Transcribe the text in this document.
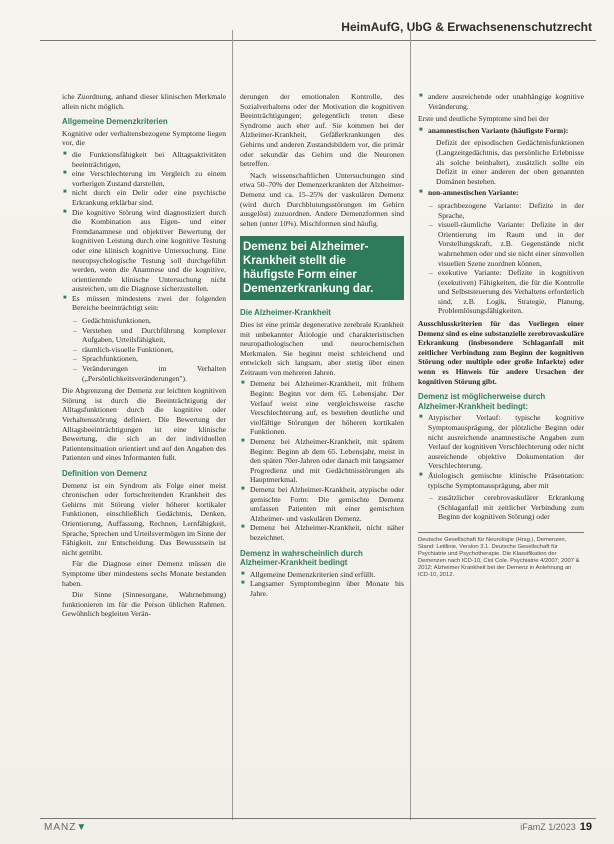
HeimAufG, UbG & Erwachsenenschutzrecht

iche Zuordnung, anhand dieser klinischen Merkmale allein nicht möglich.

Allgemeine Demenzkriterien

Kognitive oder verhaltensbezogene Symptome liegen vor, die

■ die Funktionsfähigkeit bei Alltagsaktivitäten beeinträchtigen,
■ eine Verschlechterung im Vergleich zu einem vorherigen Zustand darstellen,
■ nicht durch ein Delir oder eine psychische Erkrankung erklärbar sind.
■ Die kognitive Störung wird diagnostiziert durch die Kombination aus Eigen- und einer Fremdanamnese und objektiver Bewertung der kognitiven Leistung durch eine kognitive Testung oder eine klinisch kognitive Untersuchung. Eine neuropsychologische Testung soll durchgeführt werden, wenn die Anamnese und die kognitive, orientierende klinische Untersuchung nicht ausreichen, um die Diagnose sicherzustellen.
■ Es müssen mindestens zwei der folgenden Bereiche beeinträchtigt sein:
– Gedächtnisfunktionen,
– Verstehen und Durchführung komplexer Aufgaben, Urteilsfähigkeit,
– räumlich-visuelle Funktionen,
– Sprachfunktionen,
– Veränderungen im Verhalten („Persönlichkeitsveränderungen").

Die Abgrenzung der Demenz zur leichten kognitiven Störung ist durch die Beeinträchtigung der Alltagsfunktionen durch die kognitive oder Verhaltensstörung definiert. Die Bewertung der Alltagsbeeinträchtigungen ist eine klinische Bewertung, die sich an der individuellen Patientensituation orientiert und auf den Angaben des Patienten und eines Informanten fußt.

Definition von Demenz

Demenz ist ein Syndrom als Folge einer meist chronischen oder fortschreitenden Krankheit des Gehirns mit Störung vieler höherer kortikaler Funktionen, einschließlich Gedächtnis, Denken, Orientierung, Auffassung, Rechnen, Lernfähigkeit, Sprache, Sprechen und Urteilsvermögen im Sinne der Fähigkeit, zur Entscheidung. Das Bewusstsein ist nicht getrübt.

Für die Diagnose einer Demenz müssen die Symptome über mindestens sechs Monate bestanden haben.

Die Sinne (Sinnesorgane, Wahrnehmung) funktionieren im für die Person üblichen Rahmen. Gewöhnlich begleiten Verän-

derungen der emotionalen Kontrolle, des Sozialverhaltens oder der Motivation die kognitiven Beeinträchtigungen; gelegentlich treten diese Syndrome auch eher auf. Sie kommen bei der Alzheimer-Krankheit, Gefäßerkrankungen des Gehirns und anderen Zustandsbildern vor, die primär oder sekundär das Gehirn und die Neuronen betreffen.

Nach wissenschaftlichen Untersuchungen sind etwa 50–70% der Demenzerkrankten der Alzheimer-Demenz und ca. 15–25% der vaskulären Demenz (wird durch Durchblutungsstörungen im Gehirn ausgelöst) zuzuordnen. Andere Demenzformen sind selten (unter 10%). Mischformen sind häufig.

Demenz bei Alzheimer-Krankheit stellt die häufigste Form einer Demenzerkrankung dar.
Die Alzheimer-Krankheit

Dies ist eine primär degenerative zerebrale Krankheit mit unbekannter Ätiologie und charakteristischen neuropathologischen und neurochemischen Merkmalen. Sie beginnt meist schleichend und entwickelt sich langsam, aber stetig über einen Zeitraum von mehreren Jahren.

■ Demenz bei Alzheimer-Krankheit, mit frühem Beginn: Beginn vor dem 65. Lebensjahr. Der Verlauf weist eine vergleichsweise rasche Verschlechterung auf, es bestehen deutliche und vielfältige Störungen der höheren kortikalen Funktionen.
■ Demenz bei Alzheimer-Krankheit, mit spätem Beginn: Beginn ab dem 65. Lebensjahr, meist in den späten 70er-Jahren oder danach mit langsamer Progredienz und mit Gedächtnisstörungen als Hauptmerkmal.
■ Demenz bei Alzheimer-Krankheit, atypische oder gemischte Form: Die gemischte Demenz umfassen Patienten mit einer gemischten Alzheimer- und vaskulären Demenz.
■ Demenz bei Alzheimer-Krankheit, nicht näher bezeichnet.
Demenz in wahrscheinlich durch Alzheimer-Krankheit bedingt
■ Allgemeine Demenzkriterien sind erfüllt.
■ Langsamer Symptombeginn über Monate bis Jahre.
■ andere ausreichende oder unabhängige kognitive Veränderung.

Erste und deutliche Symptome sind bei der

■ anamnestischen Variante (häufigste Form):

Defizit der episodischen Gedächtnisfunktionen (Langzeitgedächtnis, das persönliche Erlebnisse als solche beinhaltet), zusätzlich sollte ein Defizit in einer anderen der oben genannten Domänen bestehen.

■ non-amnestischen Variante:
– sprachbezogene Variante: Defizite in der Sprache,
– visuell-räumliche Variante: Defizite in der Orientierung im Raum und in der Vorstellungskraft, z.B. Gegenstände nicht wahrnehmen oder und sie nicht einer sinnvollen visuellen Szene zuordnen können,
– exekutive Variante: Defizite in kognitiven (exekutiven) Fähigkeiten, die für die Kontrolle und Selbststeuerung des Verhaltens erforderlich sind, z.B. Logik, Strategie, Planung, Problemlösungsfähigkeiten.

Ausschlusskriterien für das Vorliegen einer Demenz sind es eine substanzielle zerebrovaskuläre Erkrankung (insbesondere Schlaganfall mit zeitlicher Verbindung zum Beginn der kognitiven Störung oder multiple oder große Infarkte) oder wenn es Hinweis für andere Ursachen der kognitiven Störung gibt.

Demenz ist möglicherweise durch Alzheimer-Krankheit bedingt:
■ Atypischer Verlauf: typische kognitive Symptomausprägung, der plötzliche Beginn oder nicht ausreichende anamnestische Angaben zum Verlauf der kognitiven Verschlechterung oder nicht ausreichende objektive Dokumentation der Verschlechterung.
■ Ätiologisch gemischte klinische Präsentation: typische Symptomausprägung, aber mit
– zusätzlicher cerebrovaskulärer Erkrankung (Schlaganfall mit zeitlicher Verbindung zum Beginn der kognitiven Störung) oder
Deutsche Gesellschaft für Neurologie (Hrsg.), Demenzen, Stand: Leitlinie, Version 3.1. Deutsche Gesellschaft für Psychiatrie und Psychotherapie. Die Klassifikation der Demenzen nach ICD-10, Ciol Cole. Psychiatrie 4/2007; 2007 & 2012; Alzheimer Krankheit bei der Demenz in Anlehnung an ICD-10, 2012.
MANZ▼	iFamZ 1/2023 19
